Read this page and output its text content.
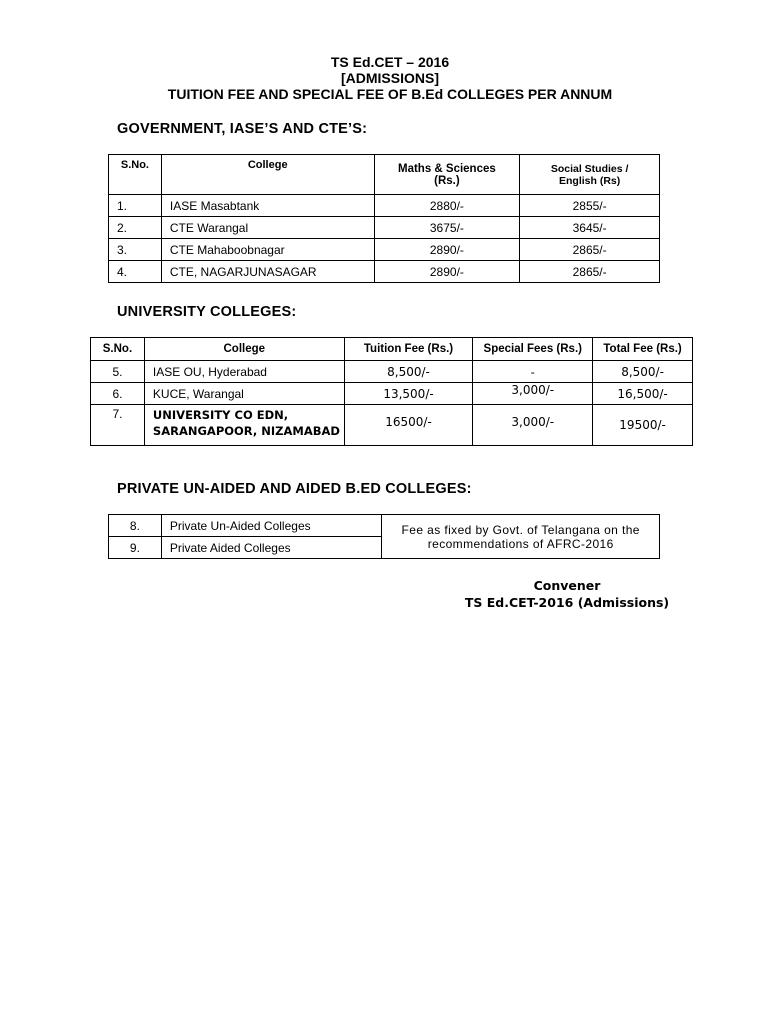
TS Ed.CET – 2016
[ADMISSIONS]
TUITION FEE AND SPECIAL FEE OF B.Ed COLLEGES PER ANNUM
GOVERNMENT, IASE’S AND CTE’S:
S.No.	College	Maths & Sciences (Rs.)	Social Studies / English (Rs)
1.	IASE Masabtank	2880/-	2855/-
2.	CTE Warangal	3675/-	3645/-
3.	CTE Mahaboobnagar	2890/-	2865/-
4.	CTE, NAGARJUNASAGAR	2890/-	2865/-
UNIVERSITY COLLEGES:
S.No.	College	Tuition Fee (Rs.)	Special Fees (Rs.)	Total Fee (Rs.)
5.	IASE OU, Hyderabad	8,500/-	-	8,500/-
6.	KUCE, Warangal	13,500/-	3,000/-	16,500/-
7.	UNIVERSITY CO EDN, SARANGAPOOR, NIZAMABAD	16500/-	3,000/-	19500/-
PRIVATE UN-AIDED AND AIDED B.ED COLLEGES:
8.	Private Un-Aided Colleges	Fee as fixed by Govt. of Telangana on the recommendations of AFRC-2016
9.	Private Aided Colleges	
Convener
TS Ed.CET-2016 (Admissions)
